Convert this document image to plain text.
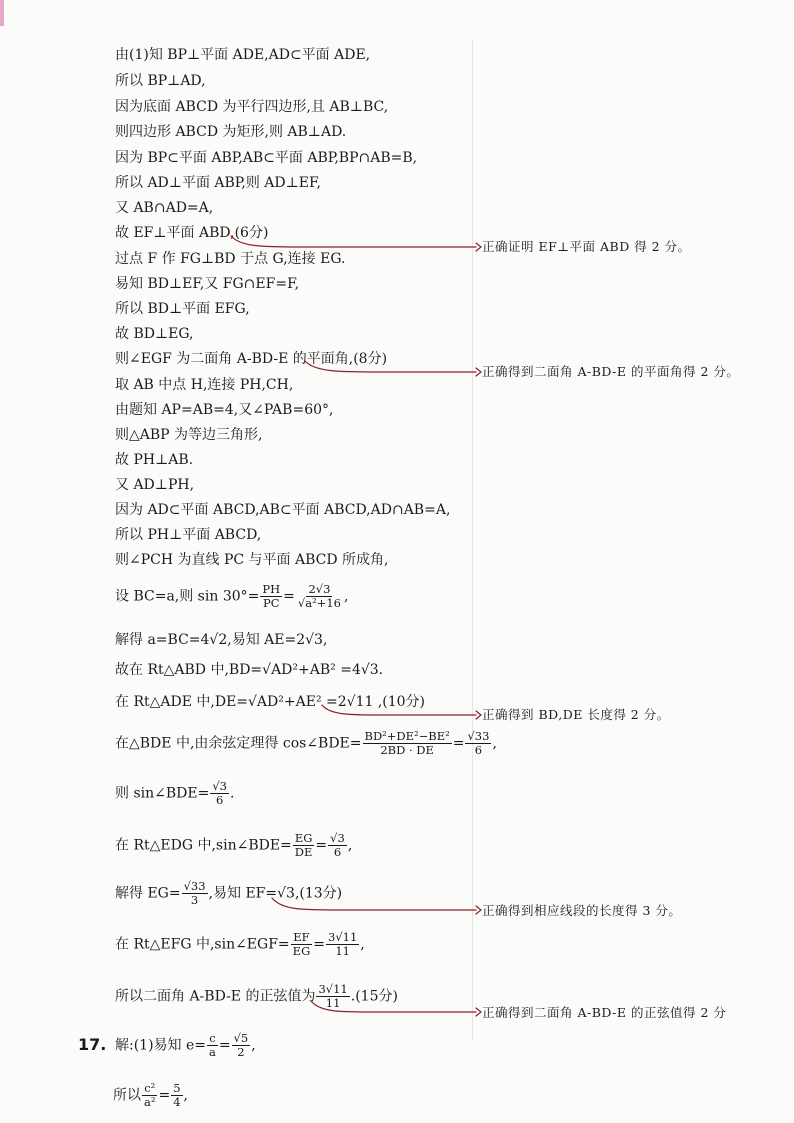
由(1)知 BP⊥平面 ADE,AD⊂平面 ADE,
所以 BP⊥AD,
因为底面 ABCD 为平行四边形,且 AB⊥BC,
则四边形 ABCD 为矩形,则 AB⊥AD.
因为 BP⊂平面 ABP,AB⊂平面 ABP,BP∩AB=B,
所以 AD⊥平面 ABP,则 AD⊥EF,
又 AB∩AD=A,
故 EF⊥平面 ABD,(6分)
过点 F 作 FG⊥BD 于点 G,连接 EG.
易知 BD⊥EF,又 FG∩EF=F,
所以 BD⊥平面 EFG,
故 BD⊥EG,
则∠EGF 为二面角 A-BD-E 的平面角,(8分)
取 AB 中点 H,连接 PH,CH,
由题知 AP=AB=4,又∠PAB=60°,
则△ABP 为等边三角形,
故 PH⊥AB.
又 AD⊥PH,
因为 AD⊂平面 ABCD,AB⊂平面 ABCD,AD∩AB=A,
所以 PH⊥平面 ABCD,
则∠PCH 为直线 PC 与平面 ABCD 所成角,
设 BC=a,则 $\sin 30^\circ= \frac{PH}{PC} = \frac{2√3}{\text{√a²+16}}$ ,
解得 a=BC=4√2,易知 AE=2√3,
故在 Rt△ABD 中,BD=√AD²+AB² =4√3.
在 Rt△ADE 中,DE=√AD²+AE² =2√11 ,(10分)
在△BDE 中,由余弦定理得 cos∠BDE= $\frac{\text{BD²+DE²−BE²}}{2BD \cdot DE} = \frac{√33}{6}$ ,
则 sin∠BDE= $\frac{√3}{6}$ .
在 Rt△EDG 中,sin∠BDE= $\frac{EG}{DE} = \frac{√3}{6}$ ,
解得 $EG= \frac{√33}{3}$ ,易知 EF=√3,(13分)
在 Rt△EFG 中,sin∠EGF= $\frac{EF}{EG} = \frac{3√11}{11}$ ,
所以二面角 A-BD-E 的正弦值为 $\frac{3√11}{11} .(15$分)
正确证明 EF⊥平面 ABD 得 2 分。
正确得到二面角 A-BD-E 的平面角得 2 分。
正确得到 BD,DE 长度得 2 分。
正确得到相应线段的长度得 3 分。
正确得到二面角 A-BD-E 的正弦值得 2 分
17. 解:(1)易知 $e= \frac{c}{a} = \frac{√5}{2}$ ,
所以 $\frac{\text{c²}}{\text{a²}} = \frac{5}{4}$ ,
